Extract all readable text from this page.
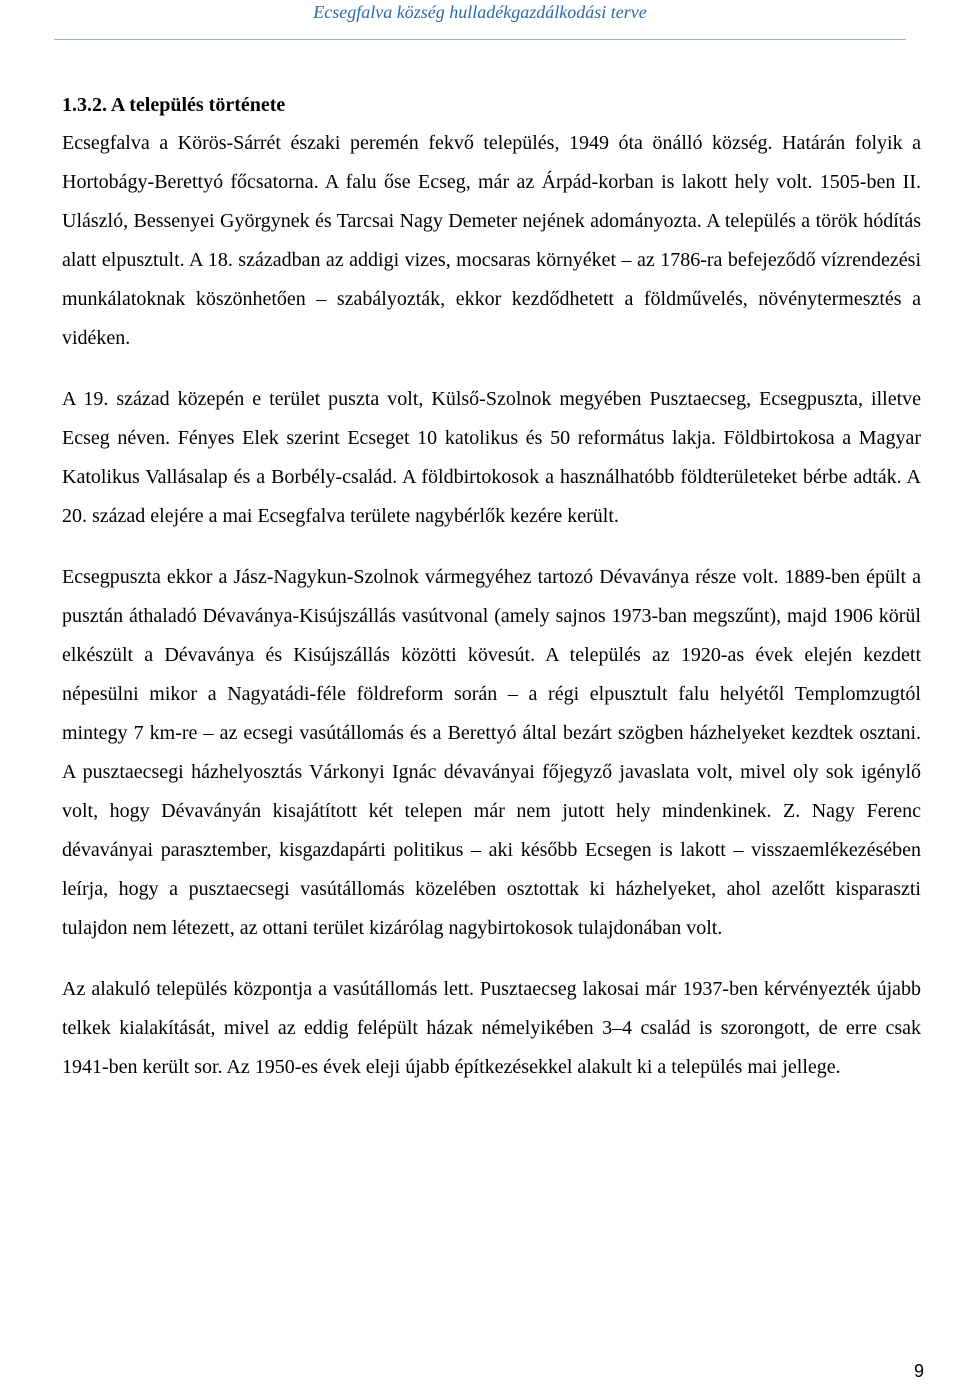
Ecsegfalva község hulladékgazdálkodási terve
1.3.2. A település története

Ecsegfalva a Körös-Sárrét északi peremén fekvő település, 1949 óta önálló község. Határán folyik a Hortobágy-Berettyó főcsatorna. A falu őse Ecseg, már az Árpád-korban is lakott hely volt. 1505-ben II. Ulászló, Bessenyei Györgynek és Tarcsai Nagy Demeter nejének adományozta. A település a török hódítás alatt elpusztult. A 18. században az addigi vizes, mocsaras környéket – az 1786-ra befejeződő vízrendezési munkálatoknak köszönhetően – szabályozták, ekkor kezdődhetett a földművelés, növénytermesztés a vidéken.

A 19. század közepén e terület puszta volt, Külső-Szolnok megyében Pusztaecseg, Ecsegpuszta, illetve Ecseg néven. Fényes Elek szerint Ecseget 10 katolikus és 50 református lakja. Földbirtokosa a Magyar Katolikus Vallásalap és a Borbély-család. A földbirtokosok a használhatóbb földterületeket bérbe adták. A 20. század elejére a mai Ecsegfalva területe nagybérlők kezére került.

Ecsegpuszta ekkor a Jász-Nagykun-Szolnok vármegyéhez tartozó Dévaványa része volt. 1889-ben épült a pusztán áthaladó Dévaványa-Kisújszállás vasútvonal (amely sajnos 1973-ban megszűnt), majd 1906 körül elkészült a Dévaványa és Kisújszállás közötti kövesút. A település az 1920-as évek elején kezdett népesülni mikor a Nagyatádi-féle földreform során – a régi elpusztult falu helyétől Templomzugtól mintegy 7 km-re – az ecsegi vasútállomás és a Berettyó által bezárt szögben házhelyeket kezdtek osztani. A pusztaecsegi házhelyosztás Várkonyi Ignác dévaványai főjegyző javaslata volt, mivel oly sok igénylő volt, hogy Dévaványán kisajátított két telepen már nem jutott hely mindenkinek. Z. Nagy Ferenc dévaványai parasztember, kisgazdapárti politikus – aki később Ecsegen is lakott – visszaemlékezésében leírja, hogy a pusztaecsegi vasútállomás közelében osztottak ki házhelyeket, ahol azelőtt kisparaszti tulajdon nem létezett, az ottani terület kizárólag nagybirtokosok tulajdonában volt.

Az alakuló település központja a vasútállomás lett. Pusztaecseg lakosai már 1937-ben kérvényezték újabb telkek kialakítását, mivel az eddig felépült házak némelyikében 3–4 család is szorongott, de erre csak 1941-ben került sor. Az 1950-es évek eleji újabb építkezésekkel alakult ki a település mai jellege.

9
